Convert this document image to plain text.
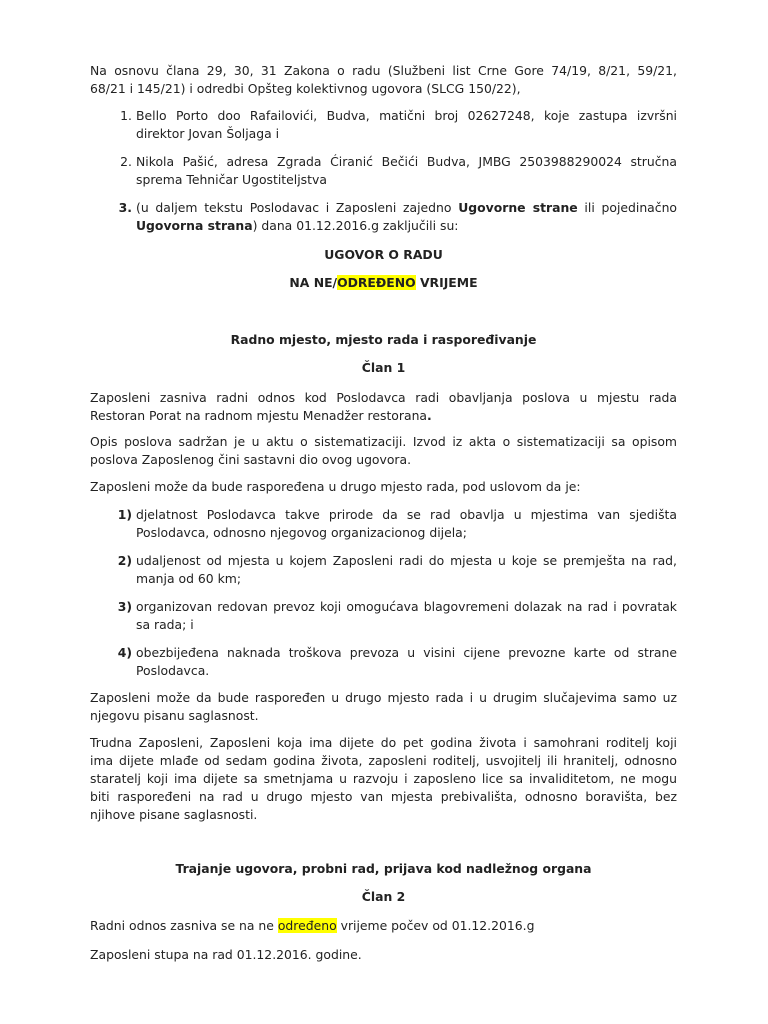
Na osnovu člana 29, 30, 31 Zakona o radu (Službeni list Crne Gore 74/19, 8/21, 59/21,
68/21 i 145/21) i odredbi Opšteg kolektivnog ugovora (SLCG 150/22),

1. Bello Porto doo Rafailovići, Budva, matični broj 02627248, koje zastupa izvršni
direktor Jovan Šoljaga i
2. Nikola Pašić, adresa Zgrada Ćiranić Bečići Budva, JMBG 2503988290024 stručna
sprema Tehničar Ugostiteljstva
3. (u daljem tekstu Poslodavac i Zaposleni zajedno Ugovorne strane ili pojedinačno
Ugovorna strana) dana 01.12.2016.g zaključili su:

UGOVOR O RADU

NA NE/ODREĐENO VRIJEME

Radno mjesto, mjesto rada i raspoređivanje

Član 1

Zaposleni zasniva radni odnos kod Poslodavca radi obavljanja poslova u mjestu rada
Restoran Porat na radnom mjestu Menadžer restorana.

Opis poslova sadržan je u aktu o sistematizaciji. Izvod iz akta o sistematizaciji sa opisom
poslova Zaposlenog čini sastavni dio ovog ugovora.

Zaposleni može da bude raspoređena u drugo mjesto rada, pod uslovom da je:

1) djelatnost Poslodavca takve prirode da se rad obavlja u mjestima van sjedišta
Poslodavca, odnosno njegovog organizacionog dijela;
2) udaljenost od mjesta u kojem Zaposleni radi do mjesta u koje se premješta na rad,
manja od 60 km;
3) organizovan redovan prevoz koji omogućava blagovremeni dolazak na rad i povratak
sa rada; i
4) obezbijeđena naknada troškova prevoza u visini cijene prevozne karte od strane
Poslodavca.

Zaposleni može da bude raspoređen u drugo mjesto rada i u drugim slučajevima samo uz
njegovu pisanu saglasnost.

Trudna Zaposleni, Zaposleni koja ima dijete do pet godina života i samohrani roditelj koji
ima dijete mlađe od sedam godina života, zaposleni roditelj, usvojitelj ili hranitelj, odnosno
staratelj koji ima dijete sa smetnjama u razvoju i zaposleno lice sa invaliditetom, ne mogu
biti raspoređeni na rad u drugo mjesto van mjesta prebivališta, odnosno boravišta, bez
njihove pisane saglasnosti.

Trajanje ugovora, probni rad, prijava kod nadležnog organa

Član 2

Radni odnos zasniva se na ne određeno vrijeme počev od 01.12.2016.g

Zaposleni stupa na rad 01.12.2016. godine.
